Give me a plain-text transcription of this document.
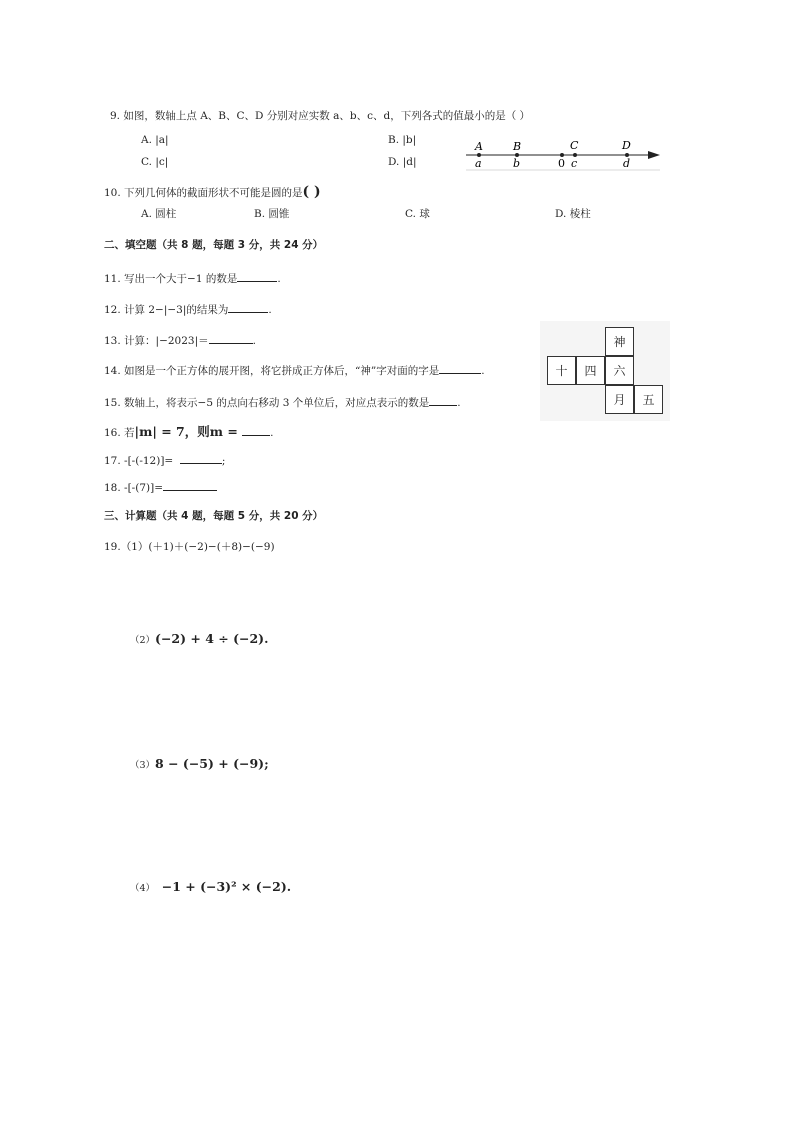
9. 如图，数轴上点 A、B、C、D 分别对应实数 a、b、c、d，下列各式的值最小的是（ ）
A. |a|	B. |b|
C. |c|	D. |d|
A	B	C	D
a	b	0 c	d
10. 下列几何体的截面形状不可能是圆的是( )
A. 圆柱	B. 圆锥	C. 球	D. 棱柱
二、填空题（共 8 题，每题 3 分，共 24 分）
11. 写出一个大于−1 的数是	.
12. 计算 2−|−3|的结果为	.
13. 计算：|−2023|＝	.
14. 如图是一个正方体的展开图，将它拼成正方体后，“神”字对面的字是	.
15. 数轴上，将表示−5 的点向右移动 3 个单位后，对应点表示的数是	.
神
十	四	六
月	五
16. 若|m| = 7，则m =	.
17. -[-(-12)]=	;
18. -[-(7)]=
三、计算题（共 4 题，每题 5 分，共 20 分）
19.（1）(＋1)＋(−2)−(＋8)−(−9)
（2）(−2) + 4 ÷ (−2).
（3）8 − (−5) + (−9);
（4） −1 + (−3)² × (−2).
